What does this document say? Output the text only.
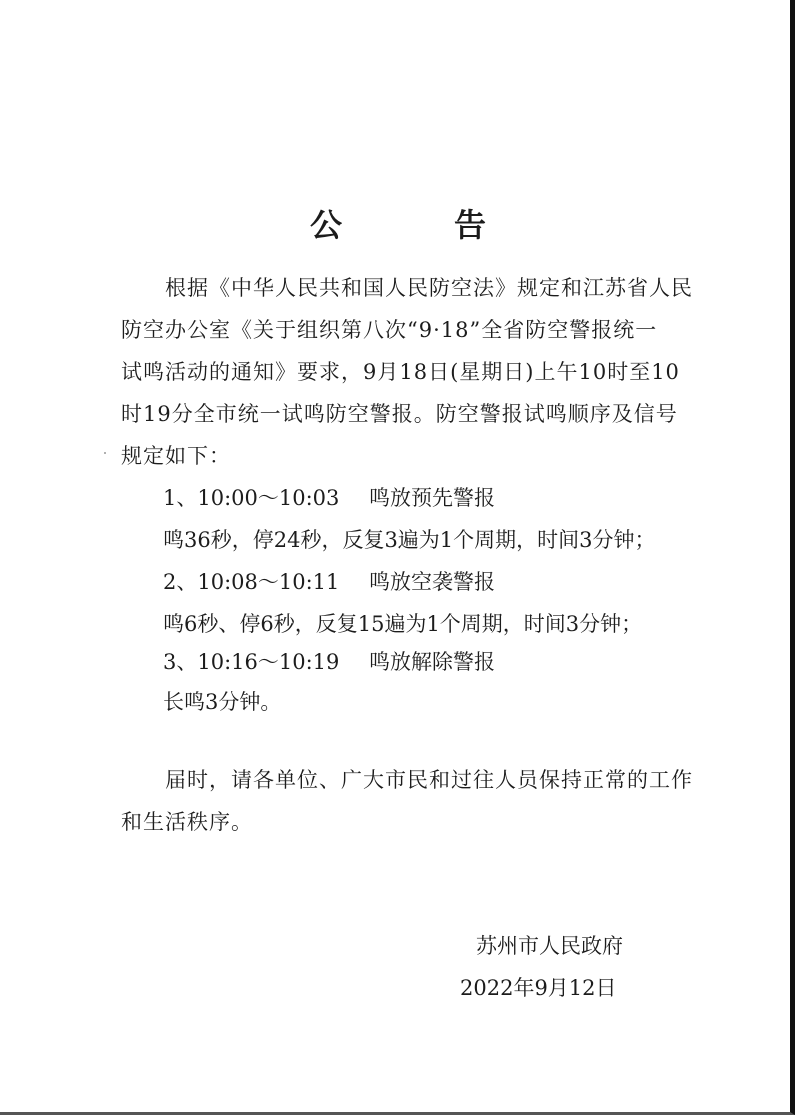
公　告
　　根据《中华人民共和国人民防空法》规定和江苏省人民
防空办公室《关于组织第八次“9·18”全省防空警报统一
试鸣活动的通知》要求，9月18日(星期日)上午10时至10
时19分全市统一试鸣防空警报。防空警报试鸣顺序及信号
规定如下：
1、10:00～10:03 鸣放预先警报
鸣36秒，停24秒，反复3遍为1个周期，时间3分钟；
2、10:08～10:11 鸣放空袭警报
鸣6秒、停6秒，反复15遍为1个周期，时间3分钟；
3、10:16～10:19 鸣放解除警报
长鸣3分钟。
　　届时，请各单位、广大市民和过往人员保持正常的工作
和生活秩序。
苏州市人民政府
2022年9月12日
